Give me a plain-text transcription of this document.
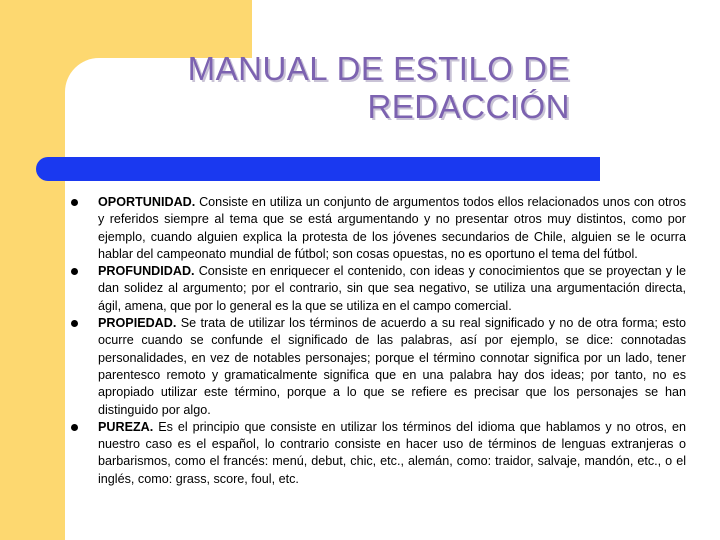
MANUAL DE ESTILO DE
REDACCIÓN
OPORTUNIDAD. Consiste en utiliza un conjunto de argumentos todos ellos relacionados unos con otros y referidos siempre al tema que se está argumentando y no presentar otros muy distintos, como por ejemplo, cuando alguien explica la protesta de los jóvenes secundarios de Chile, alguien se le ocurra hablar del campeonato mundial de fútbol; son cosas opuestas, no es oportuno el tema del fútbol.
PROFUNDIDAD. Consiste en enriquecer el contenido, con ideas y conocimientos que se proyectan y le dan solidez al argumento; por el contrario, sin que sea negativo, se utiliza una argumentación directa, ágil, amena, que por lo general es la que se utiliza en el campo comercial.
PROPIEDAD. Se trata de utilizar los términos de acuerdo a su real significado y no de otra forma; esto ocurre cuando se confunde el significado de las palabras, así por ejemplo, se dice: connotadas personalidades, en vez de notables personajes; porque el término connotar significa por un lado, tener parentesco remoto y gramaticalmente significa que en una palabra hay dos ideas; por tanto, no es apropiado utilizar este término, porque a lo que se refiere es precisar que los personajes se han distinguido por algo.
PUREZA. Es el principio que consiste en utilizar los términos del idioma que hablamos y no otros, en nuestro caso es el español, lo contrario consiste en hacer uso de términos de lenguas extranjeras o barbarismos, como el francés: menú, debut, chic, etc., alemán, como: traidor, salvaje, mandón, etc., o el inglés, como: grass, score, foul, etc.
